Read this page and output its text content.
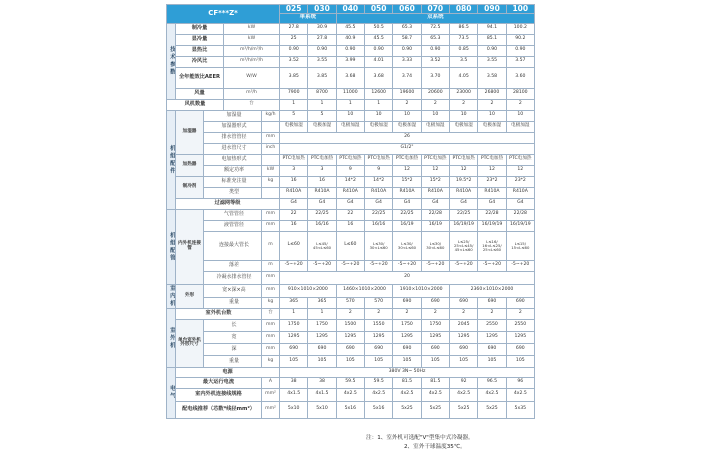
CF***Z*					025	030	040	050	060	070	080	090	100
					单系统		双系统						
技术参数	制冷量		kW		27.8	30.9	45.5	50.5	65.3	72.5	86.5	94.1	100.2
	显冷量		kW		25	27.8	40.9	45.5	58.7	65.3	73.5	85.1	90.2
	显热比		m³/h/m³/h		0.90	0.90	0.90	0.90	0.90	0.90	0.85	0.90	0.90
	冷风比		m³/h/m³/h		3.52	3.55	3.99	4.01	3.33	3.52	3.5	3.55	3.57
	全年能效比AEER		W/W		3.85	3.85	3.68	3.68	3.74	3.70	4.05	3.58	3.60
	风量		m³/h		7900	8700	11000	12600	19600	20600	23000	26800	28100
风机数量			台		1	1	1	1	2	2	2	2	2
机组配件	加湿器	加湿量		kg/h	5	5	10	10	10	10	10	10	10
		加湿器形式			电极加湿	电极加湿	电极加湿	电极加湿	电极加湿	电极加湿	电极加湿	电极加湿	电极加湿
		排水管管径		mm	26								
		进水管尺寸		inch	G1/2"								
	加热器	电加热形式			PTC电加热	PTC电加热	PTC电加热	PTC电加热	PTC电加热	PTC电加热	PTC电加热	PTC电加热	PTC电加热
		额定功率		kW	3	3	9	9	12	12	12	12	12
	制冷剂	标准充注量		kg	16	16	14*2	14*2	15*2	15*2	19.5*2	23*2	23*2
		类型			R410A	R410A	R410A	R410A	R410A	R410A	R410A	R410A	R410A
	过滤网等级				G4	G4	G4	G4	G4	G4	G4	G4	G4
机组配管	内外机连接管	气管管径		mm	22	22/25	22	22/25	22/25	22/28	22/25	22/28	22/28
		液管管径		mm	16	16/16	16	16/16	16/19	16/19	16/19/19	16/19/19	16/19/19
		连接最大管长		m	L≤60	L≤45/ 45<L≤60	L≤60	L≤30/ 30<L≤60	L≤30/ 30<L≤60	L≤30/ 30<L≤60	L≤25/ 25<L≤45/ 45<L≤60	L≤16/ 16<L≤25/ 25<L≤60	L≤15/ 15<L≤60
		落差		m	-5~+20	-5~+20	-5~+20	-5~+20	-5~+20	-5~+20	-5~+20	-5~+20	-5~+20
		冷凝水排水管径		mm	20								
室内机	外形	宽×深×高		mm	910×1010×2000		1460×1010×2000		1910×1010×2000		2360×1010×2000		
		重量		kg	365	365	570	570	690	690	690	690	690
室外机	室外机台数			台	1	1	2	2	2	2	2	2	2
	单台室外机外形尺寸	长		mm	1750	1750	1500	1550	1750	1750	2045	2550	2550
		宽		mm	1295	1295	1295	1295	1295	1295	1295	1295	1295
		深		mm	690	690	690	690	690	690	690	690	690
		重量		kg	105	105	105	105	105	105	105	105	105
电气	电源				380V 3N~ 50Hz								
	最大运行电流			A	38	38	59.5	59.5	81.5	81.5	92	96.5	96
	室内外机连接线规格			mm²	4x1.5	4x1.5	4x2.5	4x2.5	4x2.5	4x2.5	4x2.5	4x2.5	4x2.5
	配电线推荐（芯数*线径mm²）			mm²	5x10	5x10	5x16	5x16	5x25	5x25	5x25	5x25	5x35
注：1、室外机可选配"V"型集中式冷凝器。
2、室外干球温度35℃。
